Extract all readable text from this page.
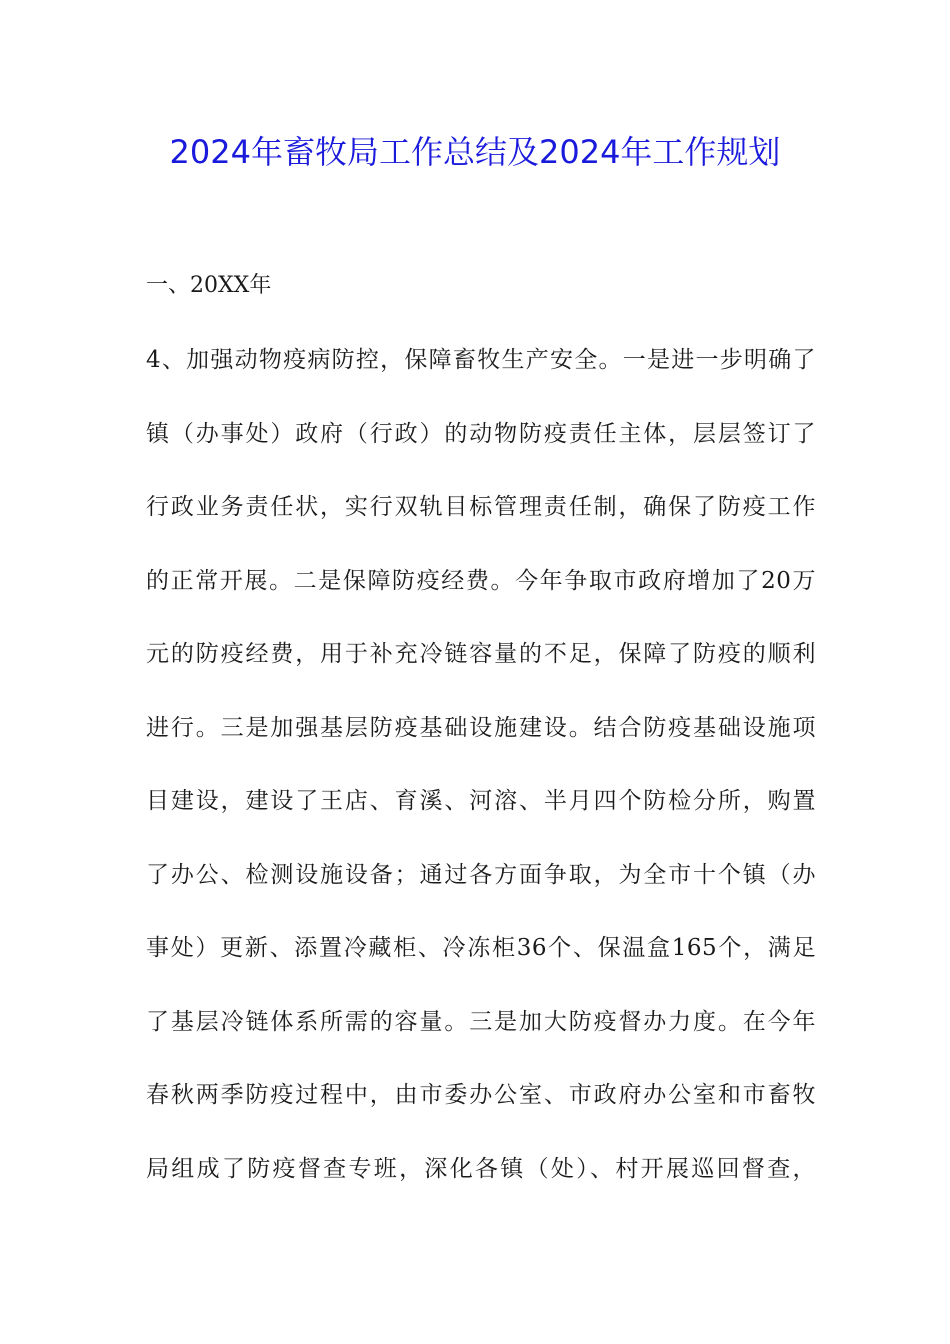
2024年畜牧局工作总结及2024年工作规划
一、20XX年
4、加强动物疫病防控，保障畜牧生产安全。一是进一步明确了
镇（办事处）政府（行政）的动物防疫责任主体，层层签订了
行政业务责任状，实行双轨目标管理责任制，确保了防疫工作
的正常开展。二是保障防疫经费。今年争取市政府增加了20万
元的防疫经费，用于补充冷链容量的不足，保障了防疫的顺利
进行。三是加强基层防疫基础设施建设。结合防疫基础设施项
目建设，建设了王店、育溪、河溶、半月四个防检分所，购置
了办公、检测设施设备；通过各方面争取，为全市十个镇（办
事处）更新、添置冷藏柜、冷冻柜36个、保温盒165个，满足
了基层冷链体系所需的容量。三是加大防疫督办力度。在今年
春秋两季防疫过程中，由市委办公室、市政府办公室和市畜牧
局组成了防疫督查专班，深化各镇（处）、村开展巡回督查，
